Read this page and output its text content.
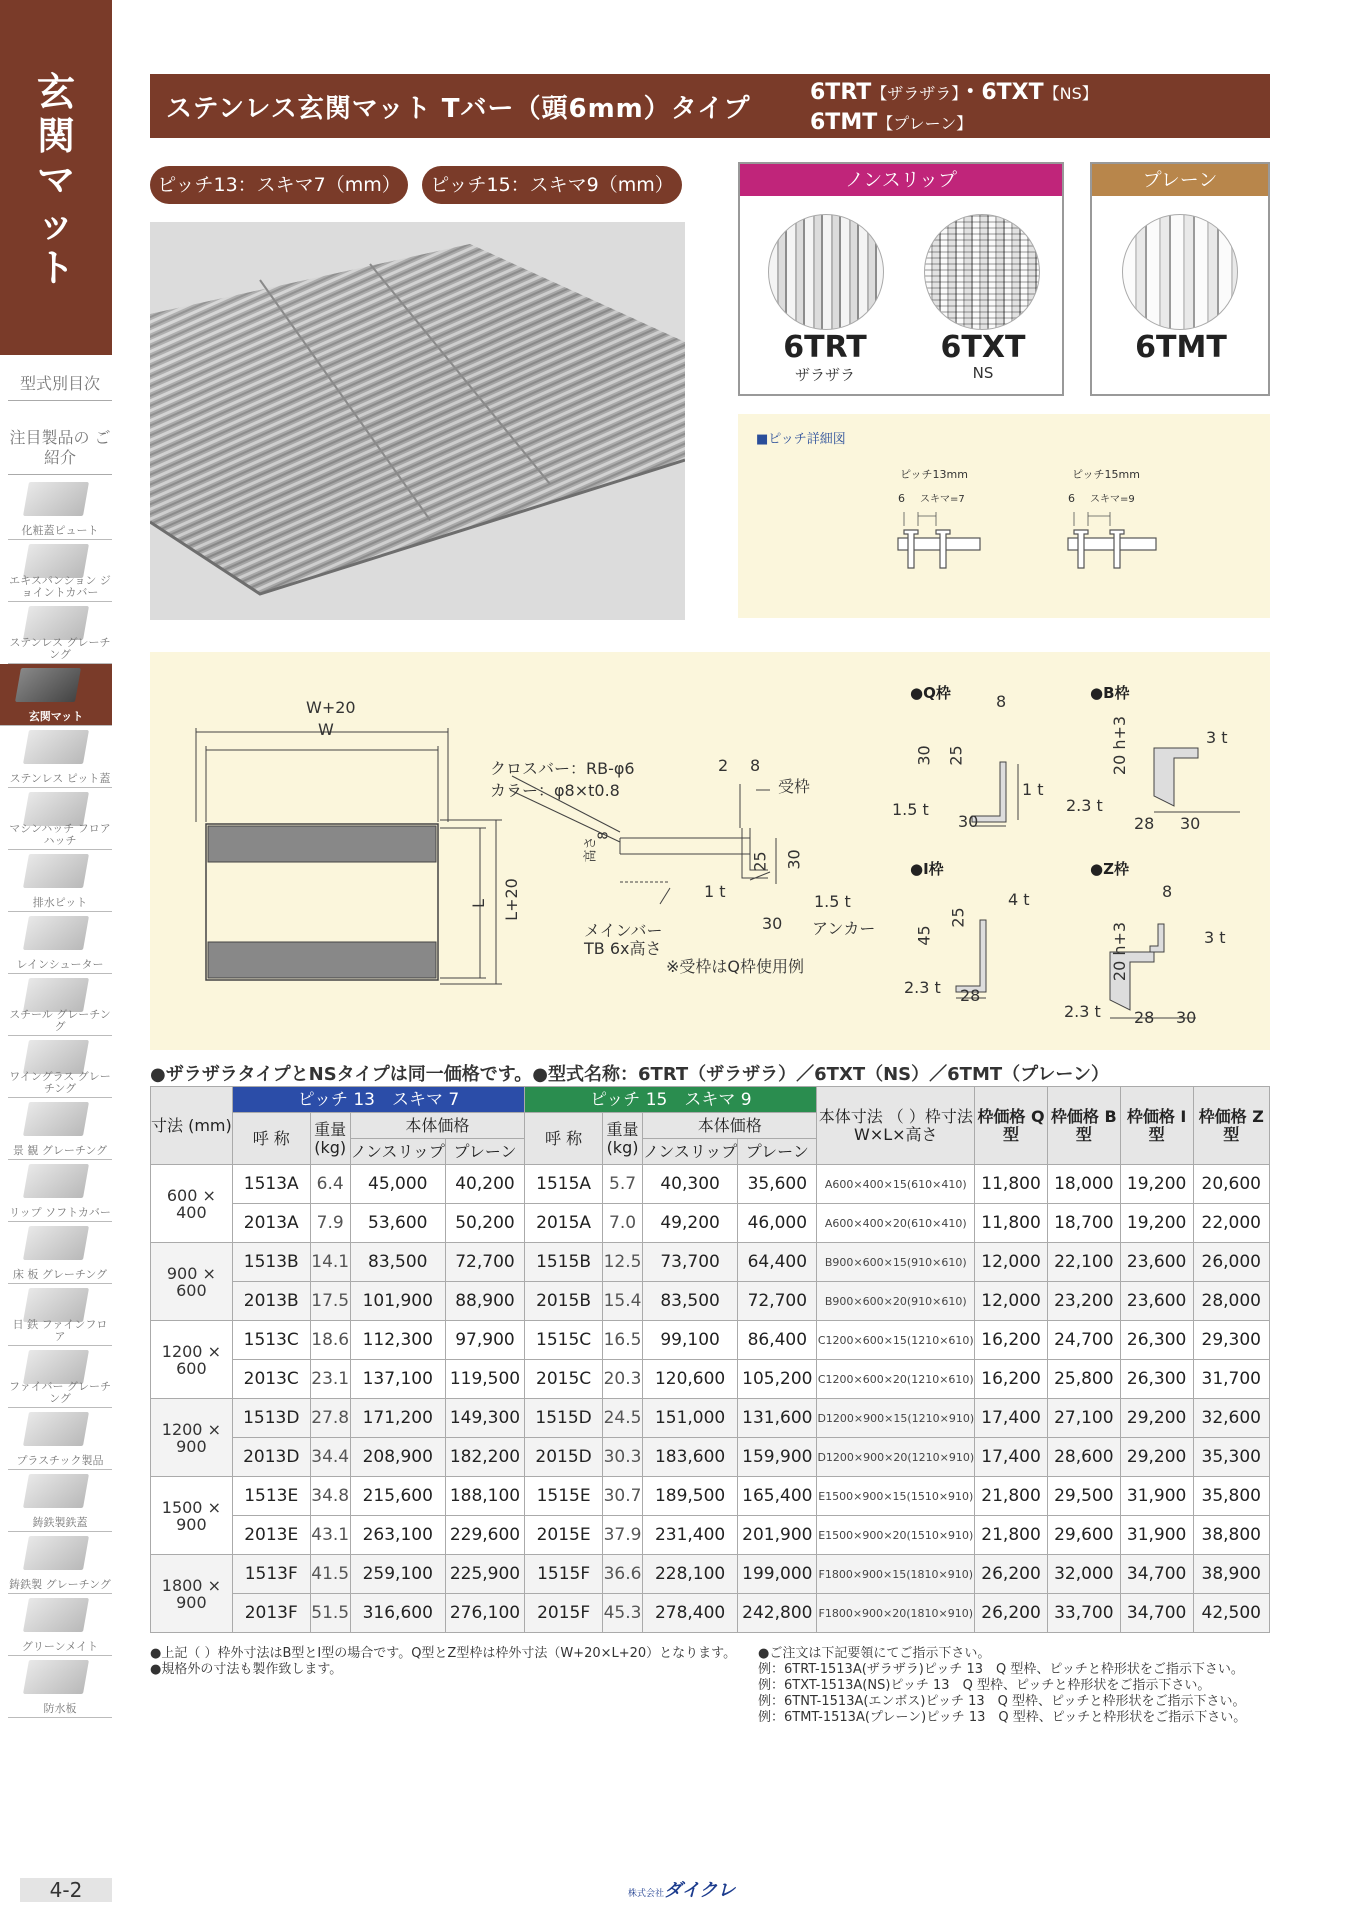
玄関マット
型式別目次
注目製品の ご紹介
化粧蓋ピュート
エキスパンション ジョイントカバー
ステンレス グレーチング
玄関マット
ステンレス ピット蓋
マシンハッチ フロアハッチ
排水ピット
レインシューター
スチール グレーチング
ワイングラス グレーチング
景 観 グレーチング
リップ ソフトカバー
床 板 グレーチング
日 鉄 ファインフロア
ファイバー グレーチング
プラスチック製品
鋳鉄製鉄蓋
鋳鉄製 グレーチング
グリーンメイト
防水板
ステンレス玄関マット Tバー（頭6mm）タイプ
6TRT【ザラザラ】・6TXT【NS】
6TMT【プレーン】
ピッチ13：スキマ7（mm）	ピッチ15：スキマ9（mm）	ノンスリップ
6TRT
ザラザラ
6TXT
NS
プレーン
6TMT
■ピッチ詳細図
ピッチ13mm
6 スキマ=7
ピッチ15mm
6 スキマ=9
W+20
W
L L+20
クロスバー：RB-φ6
カラー：φ8×t0.8
2 8
受枠
高さ
8
25 30
1 t
1.5 t
30 アンカー
メインバー
TB 6x高さ
※受枠はQ枠使用例
●Q枠	8
30 25
1 t
1.5 t
30
●B枠
20 h+3	3 t
2.3 t
28 30
●I枠
4 t
45
25
2.3 t 28
●Z枠
8
20 h+3	3 t
2.3 t 28 30
●ザラザラタイプとNSタイプは同一価格です。●型式名称：6TRT（ザラザラ）／6TXT（NS）／6TMT（プレーン）
寸法 (mm)	ピッチ 13　スキマ 7				ピッチ 15　スキマ 9				本体寸法 （ ）枠寸法 W×L×高さ	枠価格 Q型	枠価格 B型	枠価格 I型	枠価格 Z型
	呼 称	重量 (kg)	本体価格		呼 称	重量 (kg)	本体価格						
			ノンスリップ	プレーン			ノンスリップ	プレーン					
600 × 400	1513A	6.4	45,000	40,200	1515A	5.7	40,300	35,600	A600×400×15(610×410)	11,800	18,000	19,200	20,600
	2013A	7.9	53,600	50,200	2015A	7.0	49,200	46,000	A600×400×20(610×410)	11,800	18,700	19,200	22,000
900 × 600	1513B	14.1	83,500	72,700	1515B	12.5	73,700	64,400	B900×600×15(910×610)	12,000	22,100	23,600	26,000
	2013B	17.5	101,900	88,900	2015B	15.4	83,500	72,700	B900×600×20(910×610)	12,000	23,200	23,600	28,000
1200 × 600	1513C	18.6	112,300	97,900	1515C	16.5	99,100	86,400	C1200×600×15(1210×610)	16,200	24,700	26,300	29,300
	2013C	23.1	137,100	119,500	2015C	20.3	120,600	105,200	C1200×600×20(1210×610)	16,200	25,800	26,300	31,700
1200 × 900	1513D	27.8	171,200	149,300	1515D	24.5	151,000	131,600	D1200×900×15(1210×910)	17,400	27,100	29,200	32,600
	2013D	34.4	208,900	182,200	2015D	30.3	183,600	159,900	D1200×900×20(1210×910)	17,400	28,600	29,200	35,300
1500 × 900	1513E	34.8	215,600	188,100	1515E	30.7	189,500	165,400	E1500×900×15(1510×910)	21,800	29,500	31,900	35,800
	2013E	43.1	263,100	229,600	2015E	37.9	231,400	201,900	E1500×900×20(1510×910)	21,800	29,600	31,900	38,800
1800 × 900	1513F	41.5	259,100	225,900	1515F	36.6	228,100	199,000	F1800×900×15(1810×910)	26,200	32,000	34,700	38,900
	2013F	51.5	316,600	276,100	2015F	45.3	278,400	242,800	F1800×900×20(1810×910)	26,200	33,700	34,700	42,500
●上記（ ）枠外寸法はB型とI型の場合です。Q型とZ型枠は枠外寸法（W+20×L+20）となります。
●規格外の寸法も製作致します。
●ご注文は下記要領にてご指示下さい。
例：6TRT-1513A(ザラザラ)ピッチ 13　Q 型枠、ピッチと枠形状をご指示下さい。
例：6TXT-1513A(NS)ピッチ 13　Q 型枠、ピッチと枠形状をご指示下さい。
例：6TNT-1513A(エンボス)ピッチ 13　Q 型枠、ピッチと枠形状をご指示下さい。
例：6TMT-1513A(プレーン)ピッチ 13　Q 型枠、ピッチと枠形状をご指示下さい。
4-2	株式会社ダイクレ
